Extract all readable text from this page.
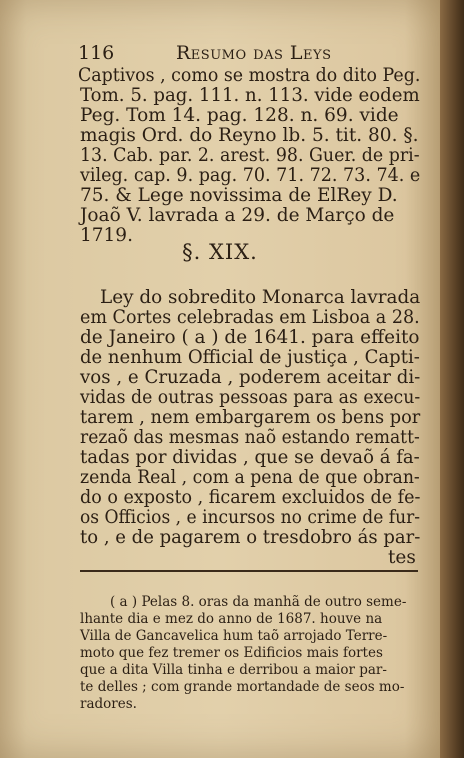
116	Resumo das Leys
Captivos , como se mostra do dito Peg.
Tom. 5. pag. 111. n. 113. vide eodem
Peg. Tom 14. pag. 128. n. 69. vide
magis Ord. do Reyno lb. 5. tit. 80. §.
13. Cab. par. 2. arest. 98. Guer. de pri-
vileg. cap. 9. pag. 70. 71. 72. 73. 74. e
75. & Lege novissima de ElRey D.
Joaõ V. lavrada a 29. de Março de
1719.
§. XIX.
Ley do sobredito Monarca lavrada
em Cortes celebradas em Lisboa a 28.
de Janeiro ( a ) de 1641. para effeito
de nenhum Official de justiça , Capti-
vos , e Cruzada , poderem aceitar di-
vidas de outras pessoas para as execu-
tarem , nem embargarem os bens por
rezaõ das mesmas naõ estando rematt-
tadas por dividas , que se devaõ á fa-
zenda Real , com a pena de que obran-
do o exposto , ficarem excluidos de fe-
os Officios , e incursos no crime de fur-
to , e de pagarem o tresdobro ás par-
tes
( a ) Pelas 8. oras da manhã de outro seme-
lhante dia e mez do anno de 1687. houve na
Villa de Gancavelica hum taõ arrojado Terre-
moto que fez tremer os Edificios mais fortes
que a dita Villa tinha e derribou a maior par-
te delles ; com grande mortandade de seos mo-
radores.
